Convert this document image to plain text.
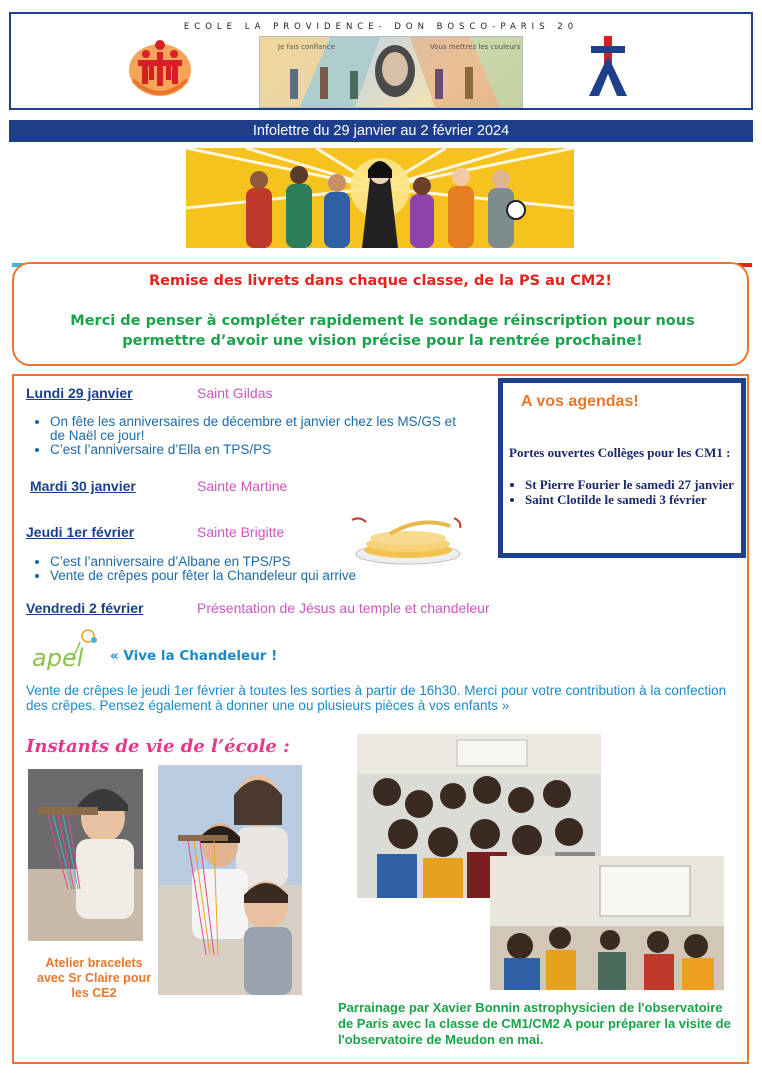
ECOLE LA PROVIDENCE- DON BOSCO-PARIS 20
Je fais confiance	Vous mettrez les couleurs
Infolettre du 29 janvier au 2 février 2024
Remise des livrets dans chaque classe, de la PS au CM2!
Merci de penser à compléter rapidement le sondage réinscription pour nous permettre d’avoir une vision précise pour la rentrée prochaine!
Lundi 29 janvier	Saint Gildas
• On fête les anniversaires de décembre et janvier chez les MS/GS et de Naël ce jour!
• C’est l’anniversaire d’Ella en TPS/PS
Mardi 30 janvier	Sainte Martine
Jeudi 1er février	Sainte Brigitte
• C’est l’anniversaire d’Albane en TPS/PS
• Vente de crêpes pour fêter la Chandeleur qui arrive
Vendredi 2 février	Présentation de Jésus au temple et chandeleur
A vos agendas!
Portes ouvertes Collèges pour les CM1 :
• St Pierre Fourier le samedi 27 janvier
• Saint Clotilde le samedi 3 février
apel « Vive la Chandeleur !
Vente de crêpes le jeudi 1er février à toutes les sorties à partir de 16h30. Merci pour votre contribution à la confection des crêpes. Pensez également à donner une ou plusieurs pièces à vos enfants »
Instants de vie de l’école :
Atelier bracelets avec Sr Claire pour les CE2
Parrainage par Xavier Bonnin astrophysicien de l'observatoire de Paris avec la classe de CM1/CM2 A pour préparer la visite de l'observatoire de Meudon en mai.
